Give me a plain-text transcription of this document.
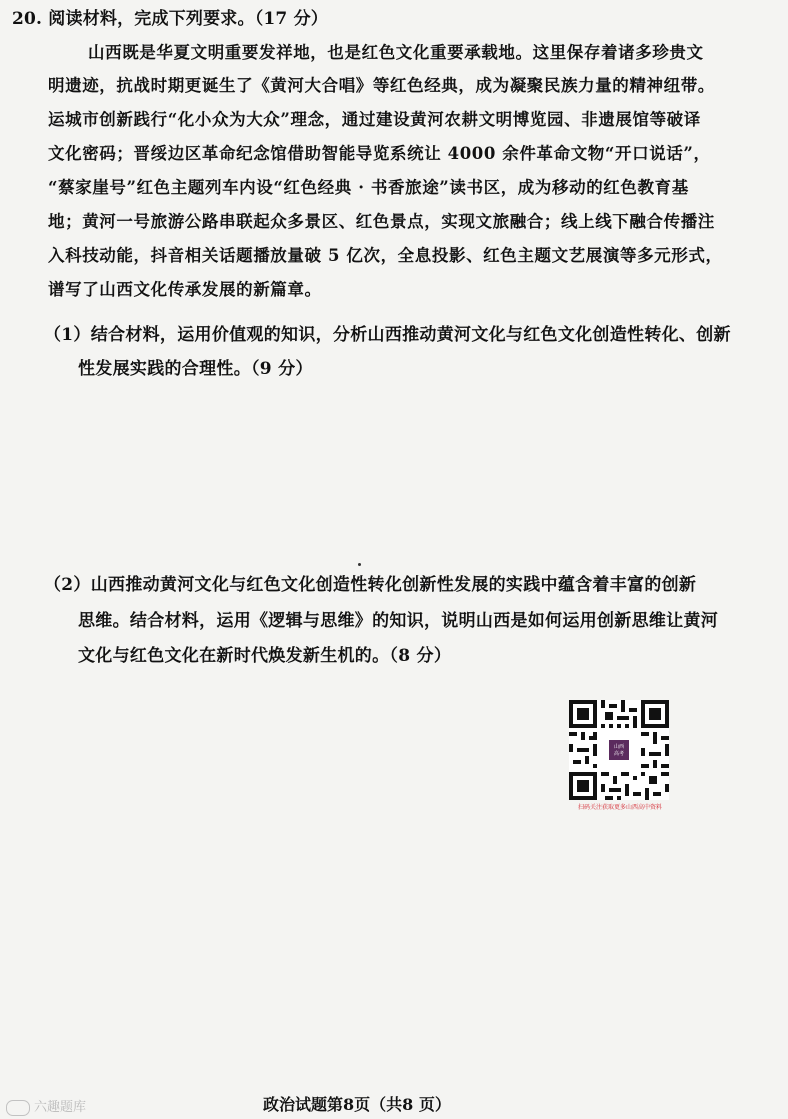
20. 阅读材料，完成下列要求。（17 分）
山西既是华夏文明重要发祥地，也是红色文化重要承载地。这里保存着诸多珍贵文
明遗迹，抗战时期更诞生了《黄河大合唱》等红色经典，成为凝聚民族力量的精神纽带。
运城市创新践行“化小众为大众”理念，通过建设黄河农耕文明博览园、非遗展馆等破译
文化密码；晋绥边区革命纪念馆借助智能导览系统让 4000 余件革命文物“开口说话”，
“蔡家崖号”红色主题列车内设“红色经典 · 书香旅途”读书区，成为移动的红色教育基
地；黄河一号旅游公路串联起众多景区、红色景点，实现文旅融合；线上线下融合传播注
入科技动能，抖音相关话题播放量破 5 亿次，全息投影、红色主题文艺展演等多元形式，
谱写了山西文化传承发展的新篇章。
（1）结合材料，运用价值观的知识，分析山西推动黄河文化与红色文化创造性转化、创新
性发展实践的合理性。（9 分）
（2）山西推动黄河文化与红色文化创造性转化创新性发展的实践中蕴含着丰富的创新
思维。结合材料，运用《逻辑与思维》的知识，说明山西是如何运用创新思维让黄河
文化与红色文化在新时代焕发新生机的。（8 分）
山西
高考
扫码关注获取更多山西高中资料
六趣题库	政治试题第8页（共8 页）
